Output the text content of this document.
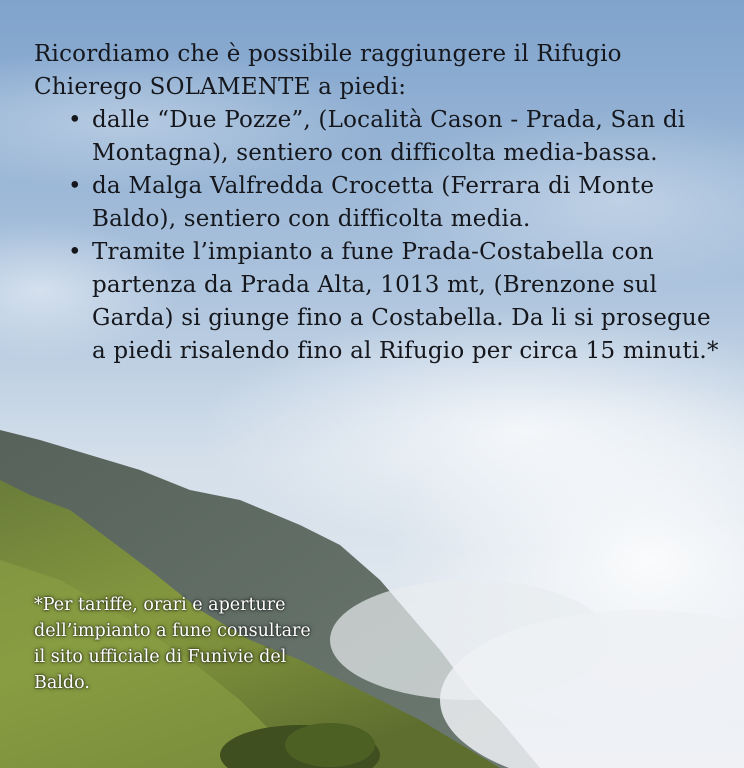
Ricordiamo che è possibile raggiungere il Rifugio Chierego SOLAMENTE a piedi:

• dalle “Due Pozze”, (Località Cason - Prada, San di Montagna), sentiero con difficolta media-bassa.
• da Malga Valfredda Crocetta (Ferrara di Monte Baldo), sentiero con difficolta media.
• Tramite l’impianto a fune Prada-Costabella con partenza da Prada Alta, 1013 mt, (Brenzone sul Garda) si giunge fino a Costabella. Da li si prosegue a piedi risalendo fino al Rifugio per circa 15 minuti.*
*Per tariffe, orari e aperture dell’impianto a fune consultare il sito ufficiale di Funivie del Baldo.
